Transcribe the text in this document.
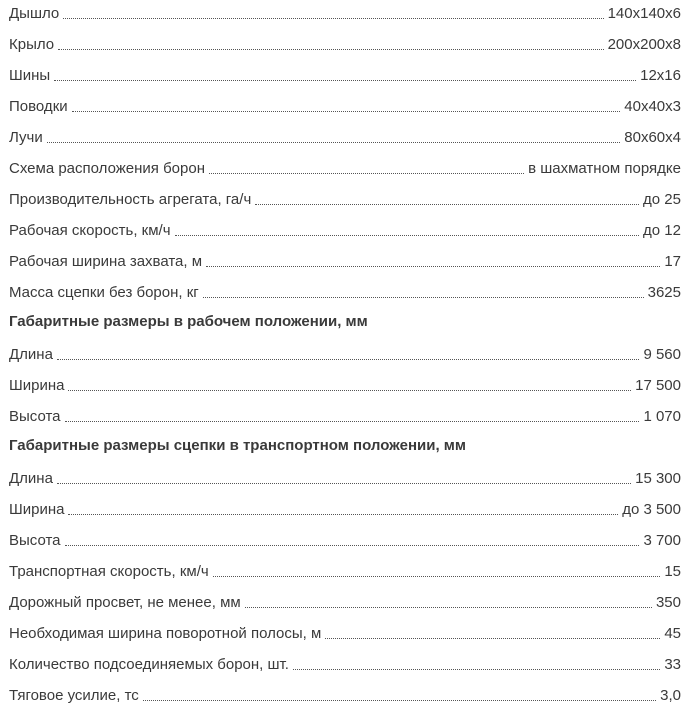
Дышло	140x140x6
Крыло	200x200x8
Шины	12x16
Поводки	40x40x3
Лучи	80x60x4
Схема расположения борон	в шахматном порядке
Производительность агрегата, га/ч	до 25
Рабочая скорость, км/ч	до 12
Рабочая ширина захвата, м	17
Масса сцепки без борон, кг	3625
Габаритные размеры в рабочем положении, мм
Длина	9 560
Ширина	17 500
Высота	1 070
Габаритные размеры сцепки в транспортном положении, мм
Длина	15 300
Ширина	до 3 500
Высота	3 700
Транспортная скорость, км/ч	15
Дорожный просвет, не менее, мм	350
Необходимая ширина поворотной полосы, м	45
Количество подсоединяемых борон, шт.	33
Тяговое усилие, тс	3,0
